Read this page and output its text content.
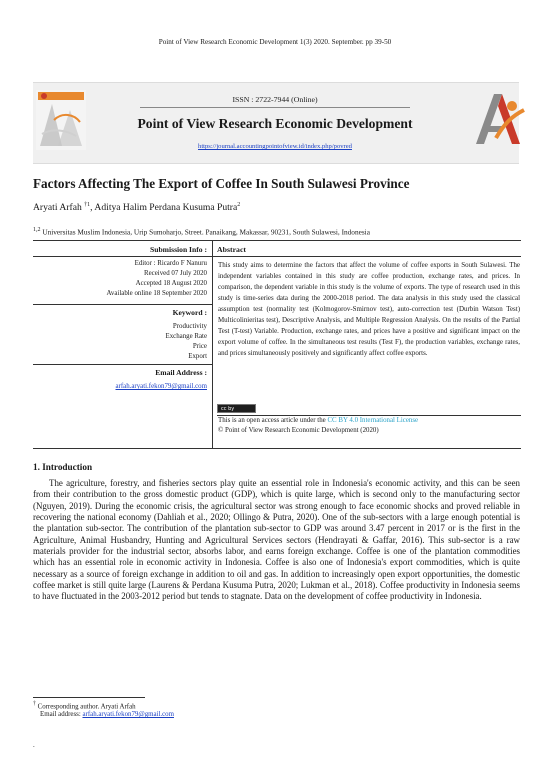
Point of View Research Economic Development 1(3) 2020. September. pp 39-50
ISSN : 2722-7944 (Online)
Point of View Research Economic Development
https://journal.accountingpointofview.id/index.php/povred
Factors Affecting The Export of Coffee In South Sulawesi Province
Aryati Arfah $^{\dagger 1}$, Aditya Halim Perdana Kusuma Putra$^2$
$^{1,2}$ Universitas Muslim Indonesia, Urip Sumoharjo, Street. Panaikang, Makassar, 90231, South Sulawesi, Indonesia
Submission Info :
Editor : Ricardo F Nanuru
Received 07 July 2020
Accepted 18 August 2020
Available online 18 September 2020
Keyword :
Productivity
Exchange Rate
Price
Export
Email Address :
arfah.aryati.fekon79@gmail.com
Abstract
This study aims to determine the factors that affect the volume of coffee exports in South Sulawesi. The independent variables contained in this study are coffee production, exchange rates, and prices. In comparison, the dependent variable in this study is the volume of exports. The type of research used in this study is time-series data during the 2000-2018 period. The data analysis in this study used the classical assumption test (normality test (Kolmogorov-Smirnov test), auto-correction test (Durbin Watson Test) Multicolinieritas test), Descriptive Analysis, and Multiple Regression Analysis. On the results of the Partial Test (T-test) Variable. Production, exchange rates, and prices have a positive and significant impact on the export volume of coffee. In the simultaneous test results (Test F), the production variables, exchange rates, and prices simultaneously positively and significantly affect coffee exports.
cc by
This is an open access article under the CC BY 4.0 International License
© Point of View Research Economic Development (2020)
1. Introduction
The agriculture, forestry, and fisheries sectors play quite an essential role in Indonesia's economic activity, and this can be seen from their contribution to the gross domestic product (GDP), which is quite large, which is second only to the manufacturing sector (Nguyen, 2019). During the economic crisis, the agricultural sector was strong enough to face economic shocks and proved reliable in recovering the national economy (Dahliah et al., 2020; Ollingo & Putra, 2020). One of the sub-sectors with a large enough potential is the plantation sub-sector. The contribution of the plantation sub-sector to GDP was around 3.47 percent in 2017 or is the first in the Agriculture, Animal Husbandry, Hunting and Agricultural Services sectors (Hendrayati & Gaffar, 2016). This sub-sector is a raw materials provider for the industrial sector, absorbs labor, and earns foreign exchange. Coffee is one of the plantation commodities which has an essential role in economic activity in Indonesia. Coffee is also one of Indonesia's export commodities, which is quite necessary as a source of foreign exchange in addition to oil and gas. In addition to increasingly open export opportunities, the domestic coffee market is still quite large (Laurens & Perdana Kusuma Putra, 2020; Lukman et al., 2018). Coffee productivity in Indonesia seems to have fluctuated in the 2003-2012 period but tends to stagnate. Data on the development of coffee productivity in Indonesia.
† Corresponding author. Aryati Arfah
Email address: arfah.aryati.fekon79@gmail.com
.
